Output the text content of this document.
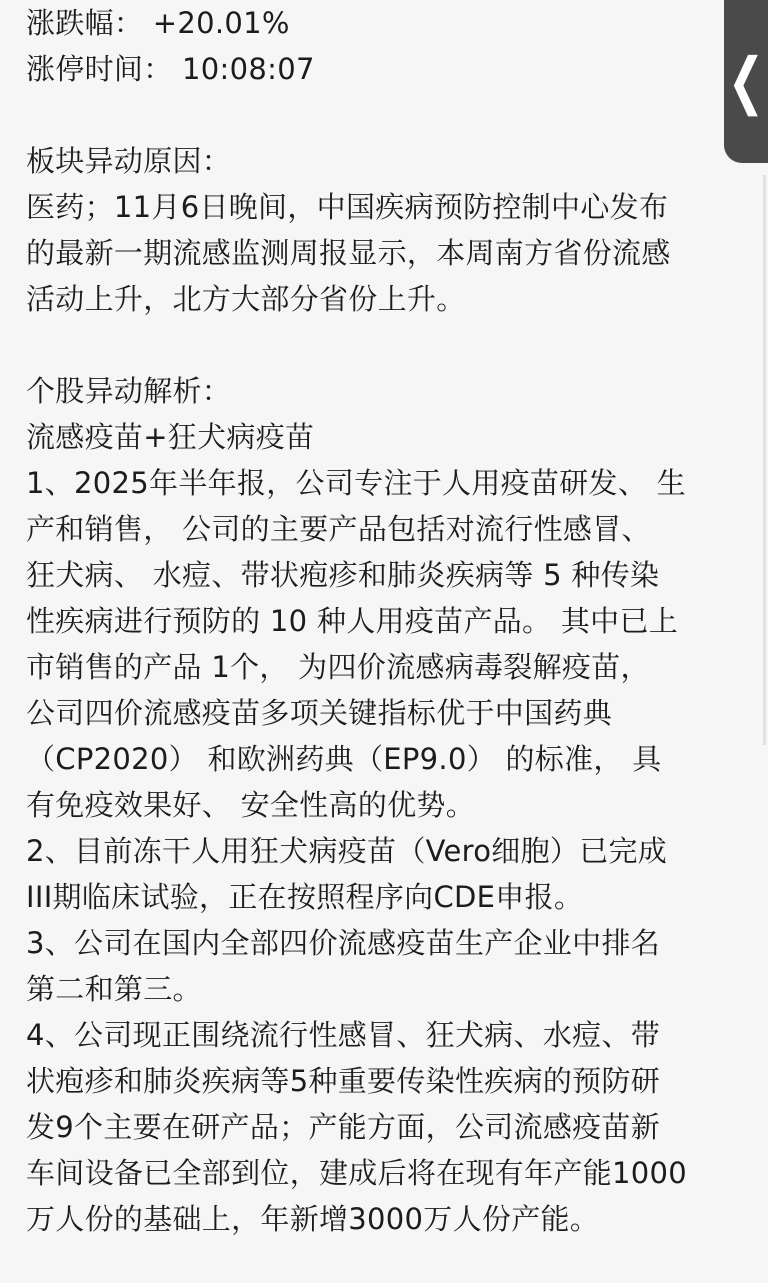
涨跌幅： +20.01%
涨停时间： 10:08:07
板块异动原因：
医药；11月6日晚间，中国疾病预防控制中心发布
的最新一期流感监测周报显示，本周南方省份流感
活动上升，北方大部分省份上升。
个股异动解析：
流感疫苗+狂犬病疫苗
1、2025年半年报，公司专注于人用疫苗研发、 生
产和销售， 公司的主要产品包括对流行性感冒、
狂犬病、 水痘、带状疱疹和肺炎疾病等 5 种传染
性疾病进行预防的 10 种人用疫苗产品。 其中已上
市销售的产品 1个， 为四价流感病毒裂解疫苗，
公司四价流感疫苗多项关键指标优于中国药典
（CP2020） 和欧洲药典（EP9.0） 的标准， 具
有免疫效果好、 安全性高的优势。
2、目前冻干人用狂犬病疫苗（Vero细胞）已完成
III期临床试验，正在按照程序向CDE申报。
3、公司在国内全部四价流感疫苗生产企业中排名
第二和第三。
4、公司现正围绕流行性感冒、狂犬病、水痘、带
状疱疹和肺炎疾病等5种重要传染性疾病的预防研
发9个主要在研产品；产能方面，公司流感疫苗新
车间设备已全部到位，建成后将在现有年产能1000
万人份的基础上，年新增3000万人份产能。
❮
